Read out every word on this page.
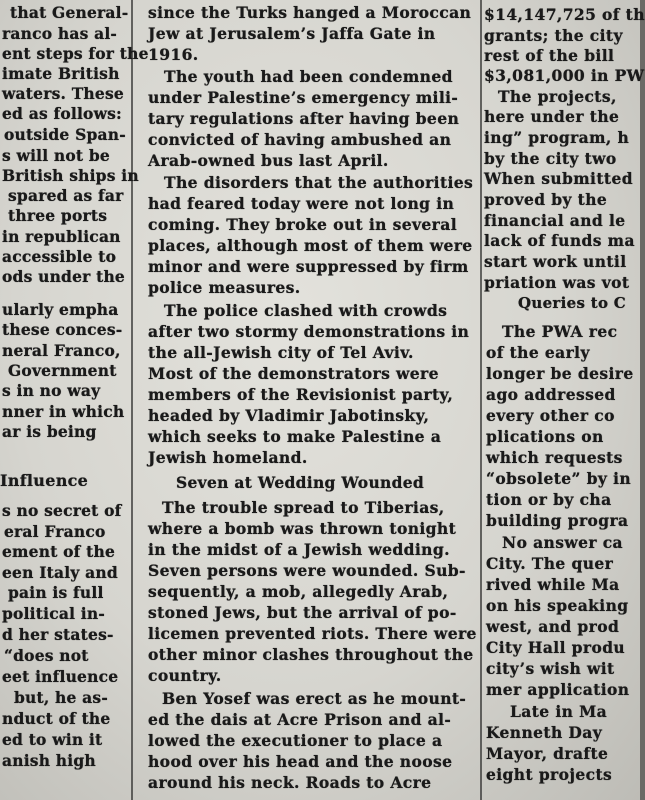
that General-
ranco has al-
ent steps for the
imate British
waters. These
ed as follows:
outside Span-
s will not be
British ships in
spared as far
three ports
in republican
accessible to
ods under the
ularly empha
these conces-
neral Franco,
Government
s in no way
nner in which
ar is being
Influence
s no secret of
eral Franco
ement of the
een Italy and
pain is full
political in-
d her states-
“does not
eet influence
but, he as-
nduct of the
ed to win it
anish high
since the Turks hanged a Moroccan
Jew at Jerusalem’s Jaffa Gate in
1916.
The youth had been condemned
under Palestine’s emergency mili-
tary regulations after having been
convicted of having ambushed an
Arab-owned bus last April.
The disorders that the authorities
had feared today were not long in
coming. They broke out in several
places, although most of them were
minor and were suppressed by firm
police measures.
The police clashed with crowds
after two stormy demonstrations in
the all-Jewish city of Tel Aviv.
Most of the demonstrators were
members of the Revisionist party,
headed by Vladimir Jabotinsky,
which seeks to make Palestine a
Jewish homeland.
Seven at Wedding Wounded
The trouble spread to Tiberias,
where a bomb was thrown tonight
in the midst of a Jewish wedding.
Seven persons were wounded. Sub-
sequently, a mob, allegedly Arab,
stoned Jews, but the arrival of po-
licemen prevented riots. There were
other minor clashes throughout the
country.
Ben Yosef was erect as he mount-
ed the dais at Acre Prison and al-
lowed the executioner to place a
hood over his head and the noose
around his neck. Roads to Acre
$14,147,725 of th
grants; the city
rest of the bill
$3,081,000 in PW
The projects,
here under the
ing” program, h
by the city two
When submitted
proved by the
financial and le
lack of funds ma
start work until
priation was vot
Queries to C
The PWA rec
of the early
longer be desire
ago addressed
every other co
plications on
which requests
“obsolete” by in
tion or by cha
building progra
No answer ca
City. The quer
rived while Ma
on his speaking
west, and prod
City Hall produ
city’s wish wit
mer application
Late in Ma
Kenneth Day
Mayor, drafte
eight projects
